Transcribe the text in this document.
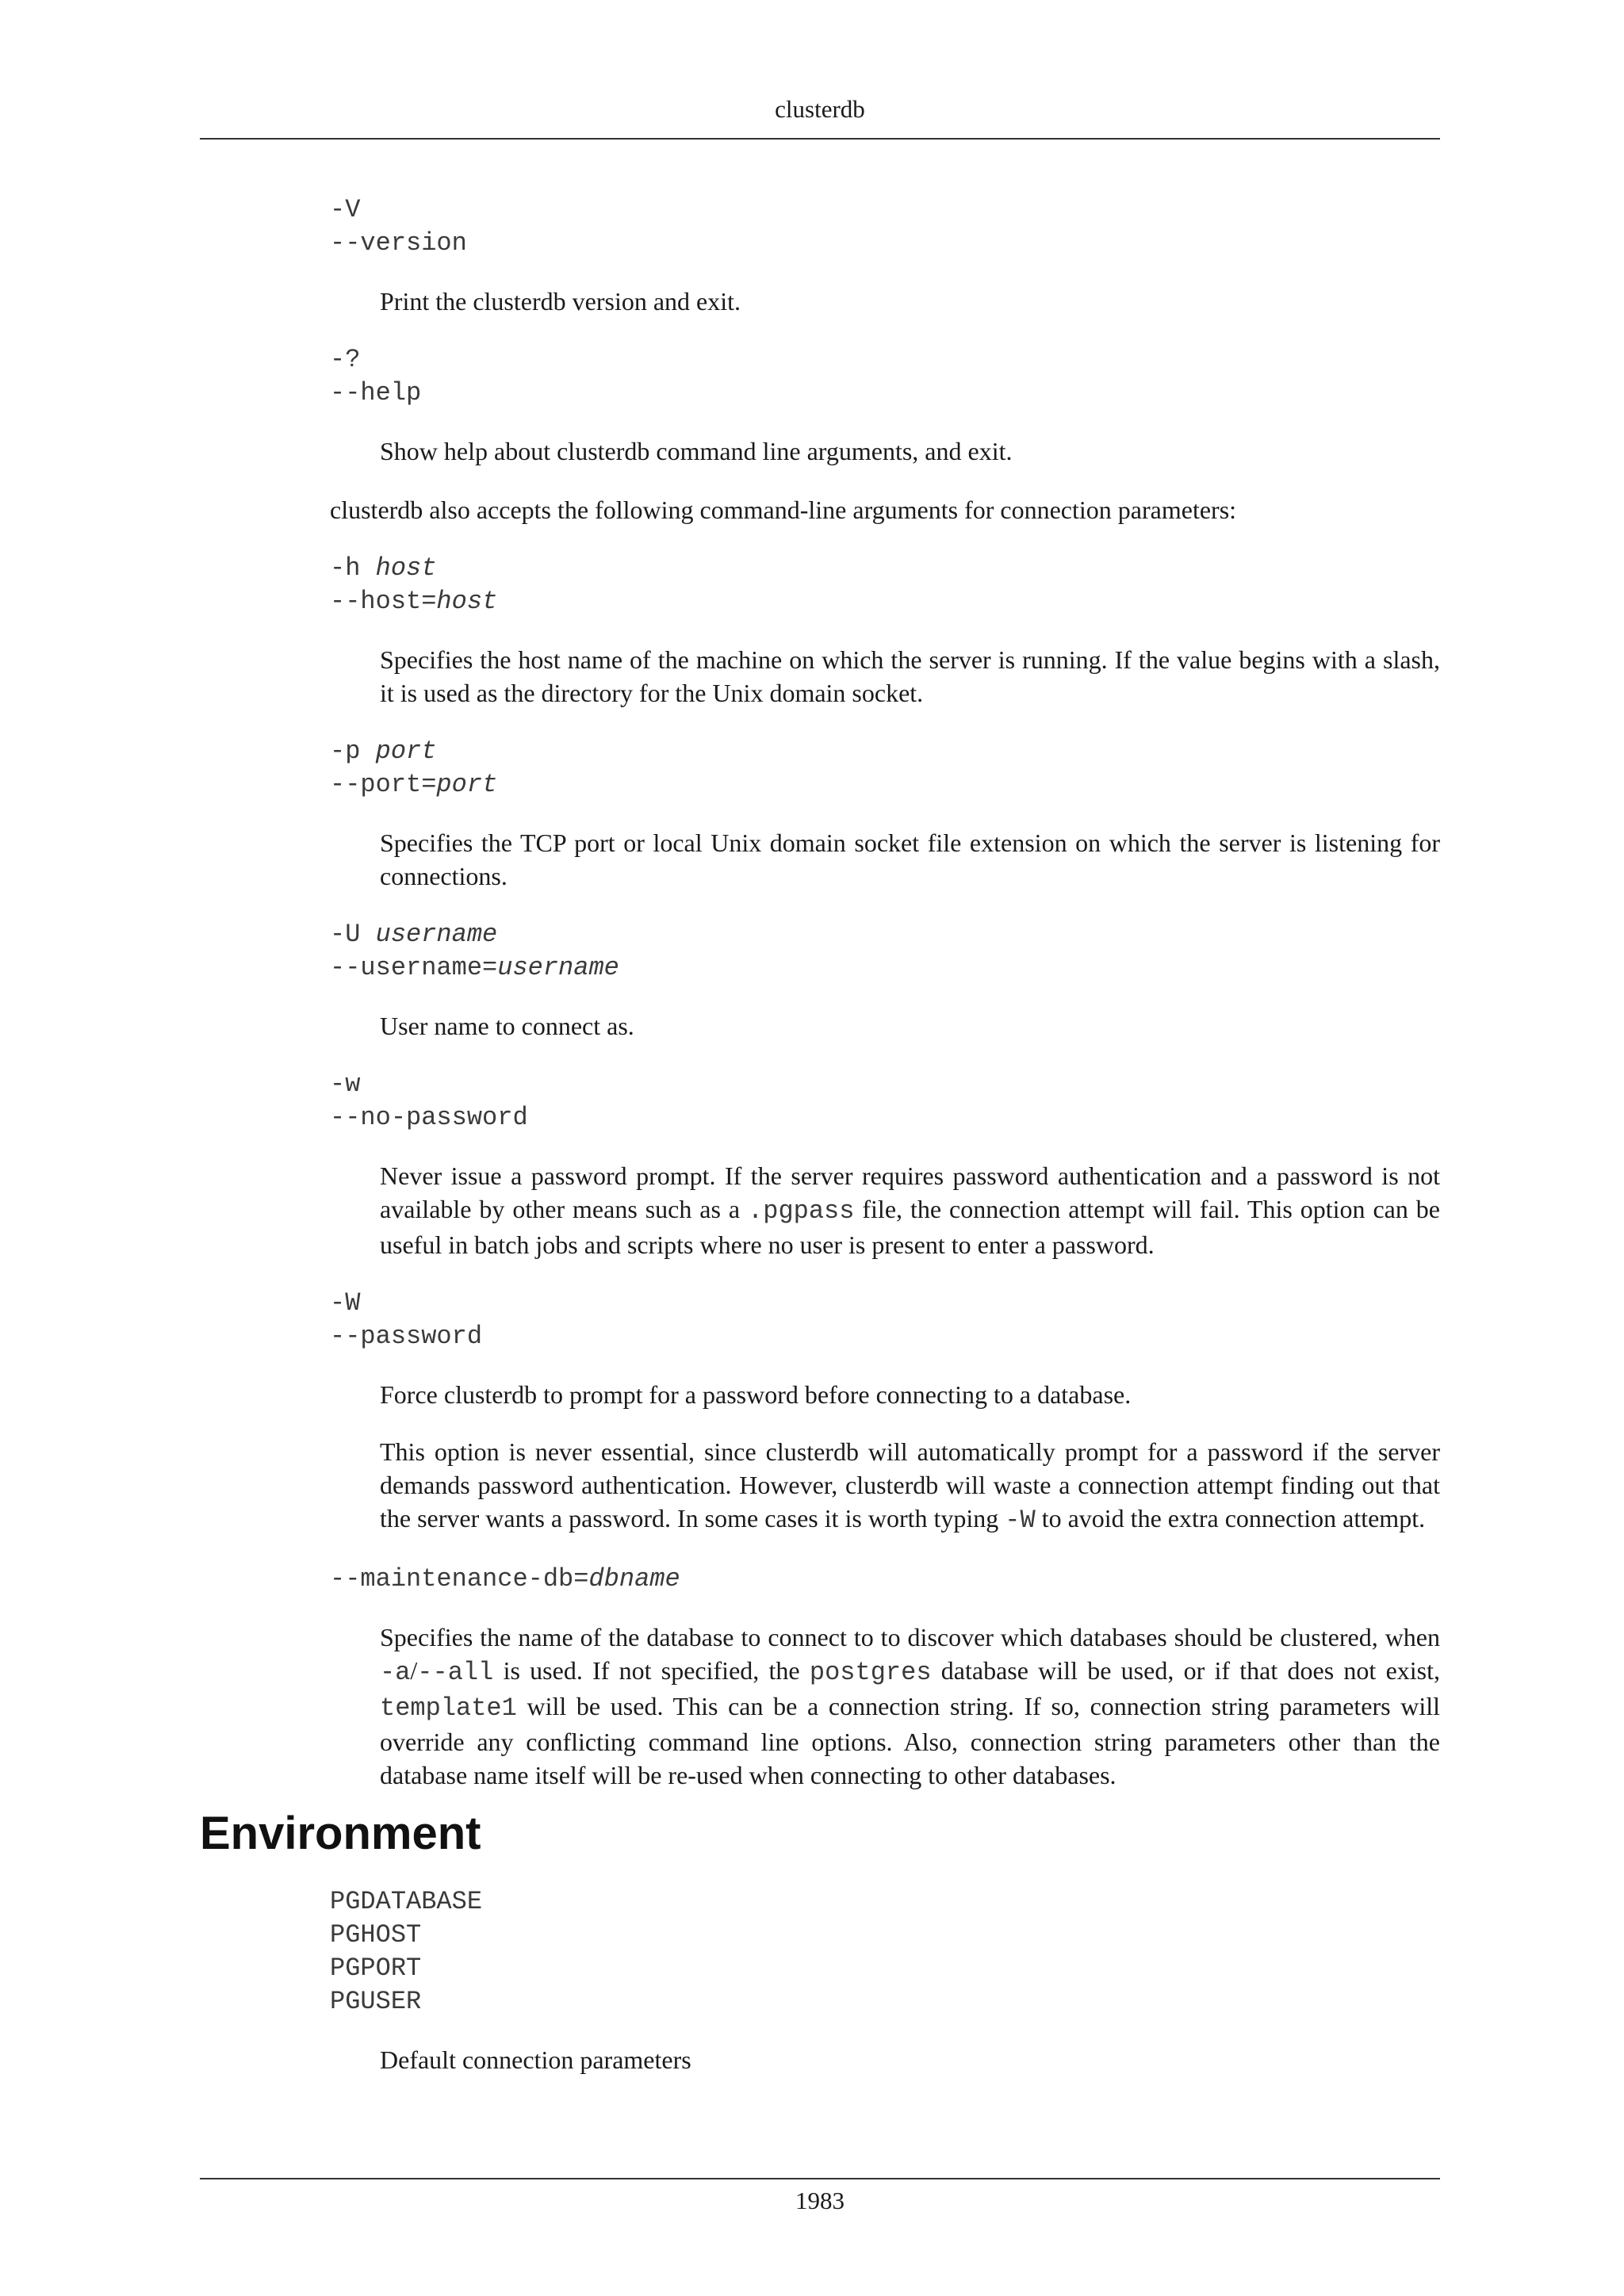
clusterdb
-V
--version
Print the clusterdb version and exit.
-?
--help
Show help about clusterdb command line arguments, and exit.
clusterdb also accepts the following command-line arguments for connection parameters:
-h host
--host=host
Specifies the host name of the machine on which the server is running. If the value begins with a slash, it is used as the directory for the Unix domain socket.
-p port
--port=port
Specifies the TCP port or local Unix domain socket file extension on which the server is listening for connections.
-U username
--username=username
User name to connect as.
-w
--no-password
Never issue a password prompt. If the server requires password authentication and a password is not available by other means such as a .pgpass file, the connection attempt will fail. This option can be useful in batch jobs and scripts where no user is present to enter a password.
-W
--password
Force clusterdb to prompt for a password before connecting to a database.
This option is never essential, since clusterdb will automatically prompt for a password if the server demands password authentication. However, clusterdb will waste a connection attempt finding out that the server wants a password. In some cases it is worth typing -W to avoid the extra connection attempt.
--maintenance-db=dbname
Specifies the name of the database to connect to to discover which databases should be clustered, when -a/--all is used. If not specified, the postgres database will be used, or if that does not exist, template1 will be used. This can be a connection string. If so, connection string parameters will override any conflicting command line options. Also, connection string parameters other than the database name itself will be re-used when connecting to other databases.
Environment
PGDATABASE
PGHOST
PGPORT
PGUSER
Default connection parameters
1983
